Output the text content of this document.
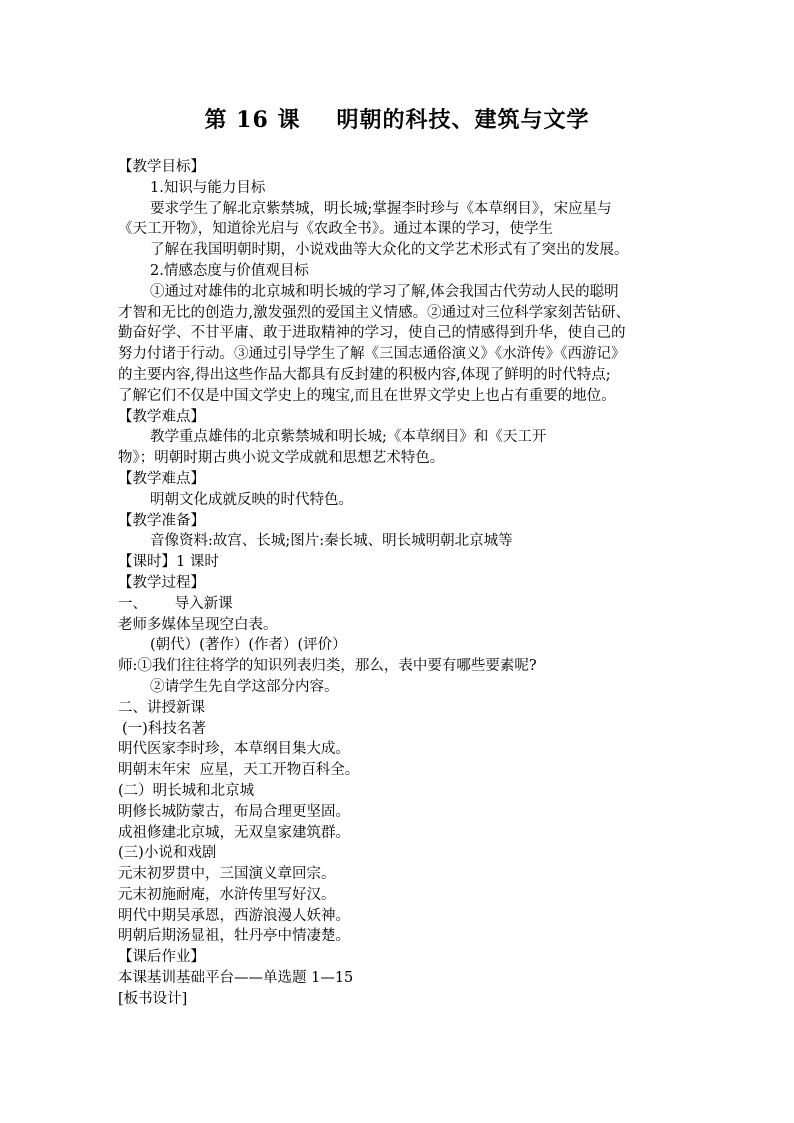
第 16 课 明朝的科技、建筑与文学
【教学目标】
1.知识与能力目标
要求学生了解北京紫禁城，明长城;掌握李时珍与《本草纲目》，宋应星与
《天工开物》，知道徐光启与《农政全书》。通过本课的学习，使学生
了解在我国明朝时期，小说戏曲等大众化的文学艺术形式有了突出的发展。
2.情感态度与价值观目标
①通过对雄伟的北京城和明长城的学习了解,体会我国古代劳动人民的聪明
才智和无比的创造力,激发强烈的爱国主义情感。②通过对三位科学家刻苦钻研、
勤奋好学、不甘平庸、敢于进取精神的学习，使自己的情感得到升华，使自己的
努力付诸于行动。③通过引导学生了解《三国志通俗演义》《水浒传》《西游记》
的主要内容,得出这些作品大都具有反封建的积极内容,体现了鲜明的时代特点;
了解它们不仅是中国文学史上的瑰宝,而且在世界文学史上也占有重要的地位。
【教学难点】
教学重点雄伟的北京紫禁城和明长城;《本草纲目》和《天工开
物》；明朝时期古典小说文学成就和思想艺术特色。
【教学难点】
明朝文化成就反映的时代特色。
【教学准备】
音像资料:故宫、长城;图片:秦长城、明长城明朝北京城等
【课时】1 课时
【教学过程】
一、      导入新课
老师多媒体呈现空白表。
(朝代）(著作）(作者）(评价）
师:①我们往往将学的知识列表归类，那么，表中要有哪些要素呢?
②请学生先自学这部分内容。
二、讲授新课
(一)科技名著
明代医家李时珍，本草纲目集大成。
明朝末年宋  应星，天工开物百科全。
(二）明长城和北京城
明修长城防蒙古，布局合理更坚固。
成祖修建北京城，无双皇家建筑群。
(三)小说和戏剧
元末初罗贯中，三国演义章回宗。
元末初施耐庵，水浒传里写好汉。
明代中期吴承恩，西游浪漫人妖神。
明朝后期汤显祖，牡丹亭中情凄楚。
【课后作业】
本课基训基础平台——单选题 1—15
[板书设计]
